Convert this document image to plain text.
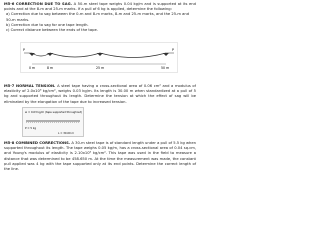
M5-6 CORRECTION DUE TO SAG. A 50-m steel tape weighs 0.04 kg/m and is supported at its end points and at the 8-m and 25-m marks. If a pull of 6 kg is applied, determine the following:

a) Correction due to sag between the 0-m and 8-m marks, 8-m and 25-m marks, and the 25-m and 50-m marks.

b) Correction due to sag for one tape length.

c) Correct distance between the ends of the tape.

P	P
0 m	8 m	25 m	50 m

M5-7 NORMAL TENSION. A steel tape having a cross-sectional area of 0.06 cm² and a modulus of elasticity of 2.0x10⁶ kg/cm², weighs 0.03 kg/m. Its length is 30.00 m when standardized at a pull of 5 kg and supported throughout its length. Determine the tension at which the effect of sag will be eliminated by the elongation of the tape due to increased tension.

w = 0.03 kg/m (tape supported throughout)
P = 5 kg
L = 30.00 m

M5-8 COMBINED CORRECTIONS. A 30-m steel tape is of standard length under a pull of 5.5 kg when supported throughout its length. The tape weighs 0.05 kg/m, has a cross-sectional area of 0.04 sq.cm, and Young's modulus of elasticity is 2.10x10⁶ kg/cm². This tape was used in the field to measure a distance that was determined to be 458.650 m. At the time the measurement was made, the constant pull applied was 4 kg with the tape supported only at its end points. Determine the correct length of the line.
